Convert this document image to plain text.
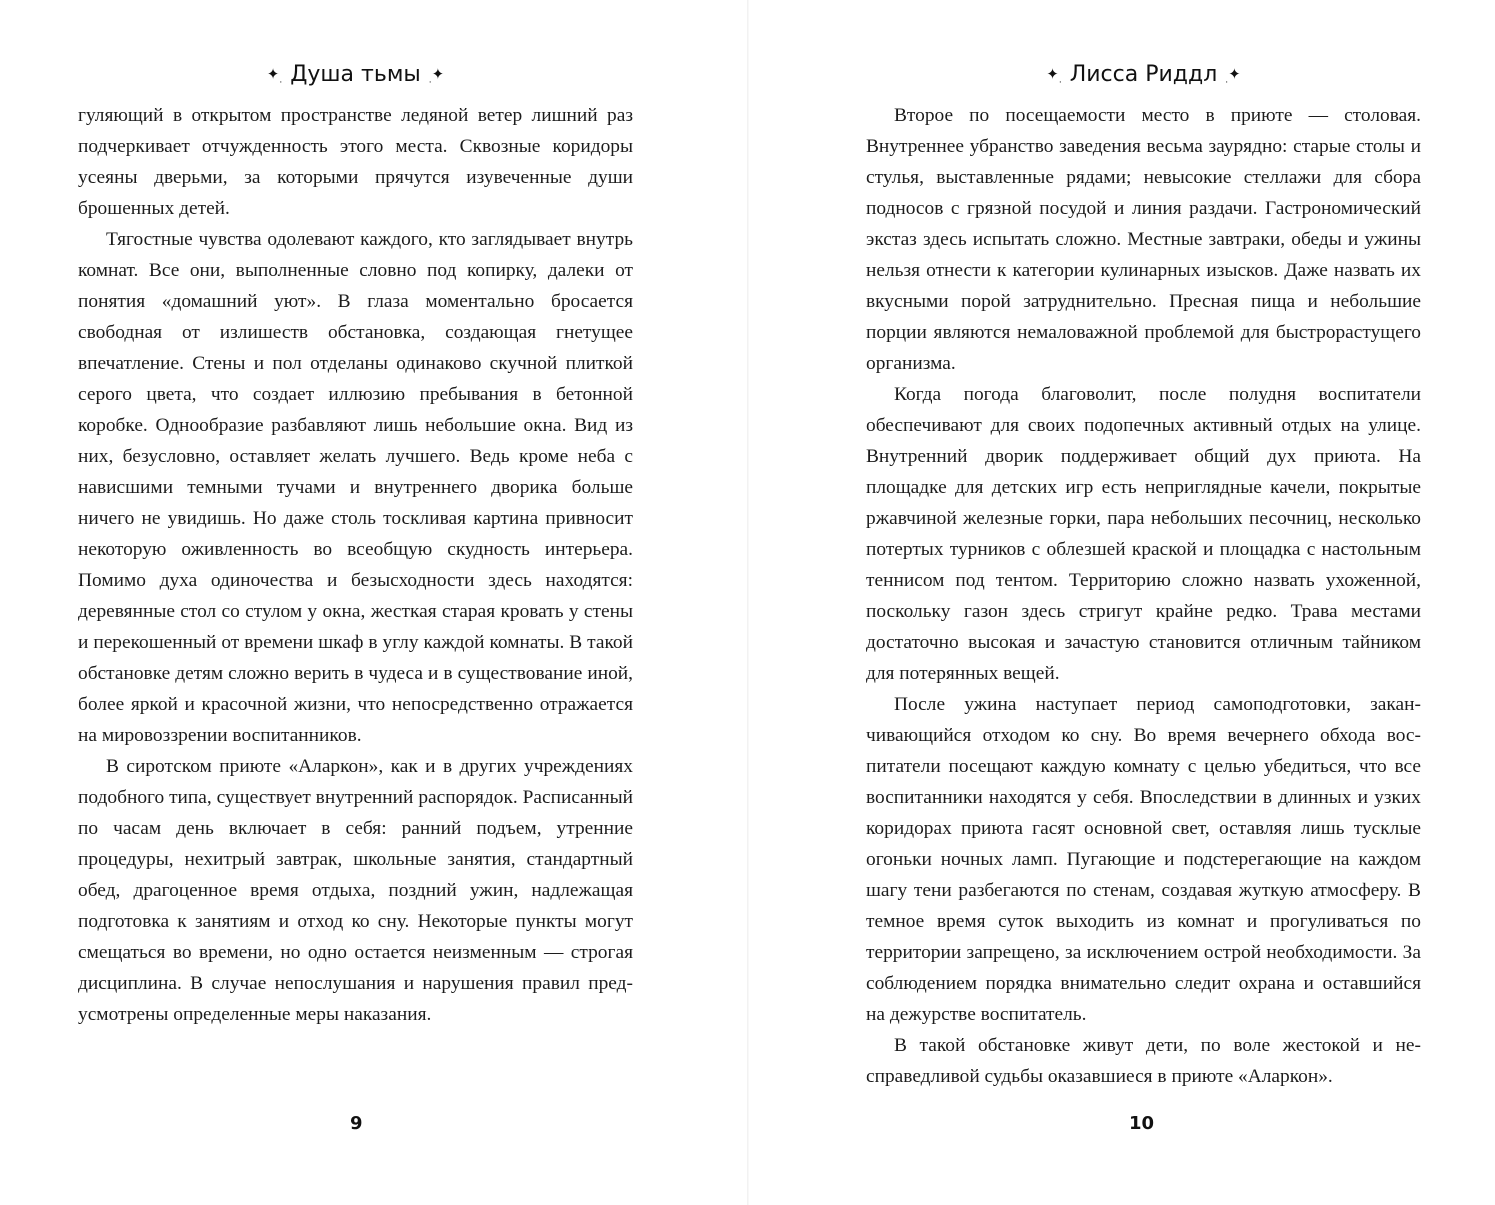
$✦_\cdot$ Душа тьмы $_\cdot$✦

гуляющий в открытом пространстве ледяной ветер лишний раз подчеркивает отчужденность этого места. Сквозные коридоры усеяны дверьми, за которыми прячутся изувеченные души брошенных детей.

Тягостные чувства одолевают каждого, кто заглядывает внутрь комнат. Все они, выполненные словно под копирку, далеки от понятия «домашний уют». В глаза моментально бросается свободная от излишеств обстановка, создающая гнетущее впечатление. Стены и пол отделаны одинаково скучной плиткой серого цвета, что создает иллюзию пребывания в бетонной коробке. Однообразие разбавляют лишь небольшие окна. Вид из них, безусловно, оставляет желать лучшего. Ведь кроме неба с нависшими темными тучами и внутреннего дворика больше ничего не увидишь. Но даже столь тоскливая картина привносит некоторую оживленность во всеобщую скудность интерьера. Помимо духа одиночества и безысходности здесь находятся: деревянные стол со стулом у окна, жесткая старая кровать у стены и перекошенный от времени шкаф в углу каждой комнаты. В такой обстановке детям сложно верить в чудеса и в существование иной, более яркой и красочной жизни, что непосредственно отражается на мировоззрении воспитанников.

В сиротском приюте «Аларкон», как и в других учреждениях подобного типа, существует внутренний распорядок. Расписанный по часам день включает в себя: ранний подъем, утренние процедуры, нехитрый завтрак, школьные занятия, стандартный обед, драгоценное время отдыха, поздний ужин, надлежащая подготовка к занятиям и отход ко сну. Некоторые пункты могут смещаться во времени, но одно остается неизменным — строгая дисциплина. В случае непослушания и нарушения правил предусмотрены определенные меры наказания.

9
$✦_\cdot$ Лисса Риддл $_\cdot$✦

Второе по посещаемости место в приюте — столовая. Внутреннее убранство заведения весьма заурядно: старые столы и стулья, выставленные рядами; невысокие стеллажи для сбора подносов с грязной посудой и линия раздачи. Гастрономический экстаз здесь испытать сложно. Местные завтраки, обеды и ужины нельзя отнести к категории кулинарных изысков. Даже назвать их вкусными порой затруднительно. Пресная пища и небольшие порции являются немаловажной проблемой для быстрорастущего организма.

Когда погода благоволит, после полудня воспитатели обеспечивают для своих подопечных активный отдых на улице. Внутренний дворик поддерживает общий дух приюта. На площадке для детских игр есть неприглядные качели, покрытые ржавчиной железные горки, пара небольших песочниц, несколько потертых турников с облезшей краской и площадка с настольным теннисом под тентом. Территорию сложно назвать ухоженной, поскольку газон здесь стригут крайне редко. Трава местами достаточно высокая и зачастую становится отличным тайником для потерянных вещей.

После ужина наступает период самоподготовки, заканчивающийся отходом ко сну. Во время вечернего обхода воспитатели посещают каждую комнату с целью убедиться, что все воспитанники находятся у себя. Впоследствии в длинных и узких коридорах приюта гасят основной свет, оставляя лишь тусклые огоньки ночных ламп. Пугающие и подстерегающие на каждом шагу тени разбегаются по стенам, создавая жуткую атмосферу. В темное время суток выходить из комнат и прогуливаться по территории запрещено, за исключением острой необходимости. За соблюдением порядка внимательно следит охрана и оставшийся на дежурстве воспитатель.

В такой обстановке живут дети, по воле жестокой и несправедливой судьбы оказавшиеся в приюте «Аларкон».

10
